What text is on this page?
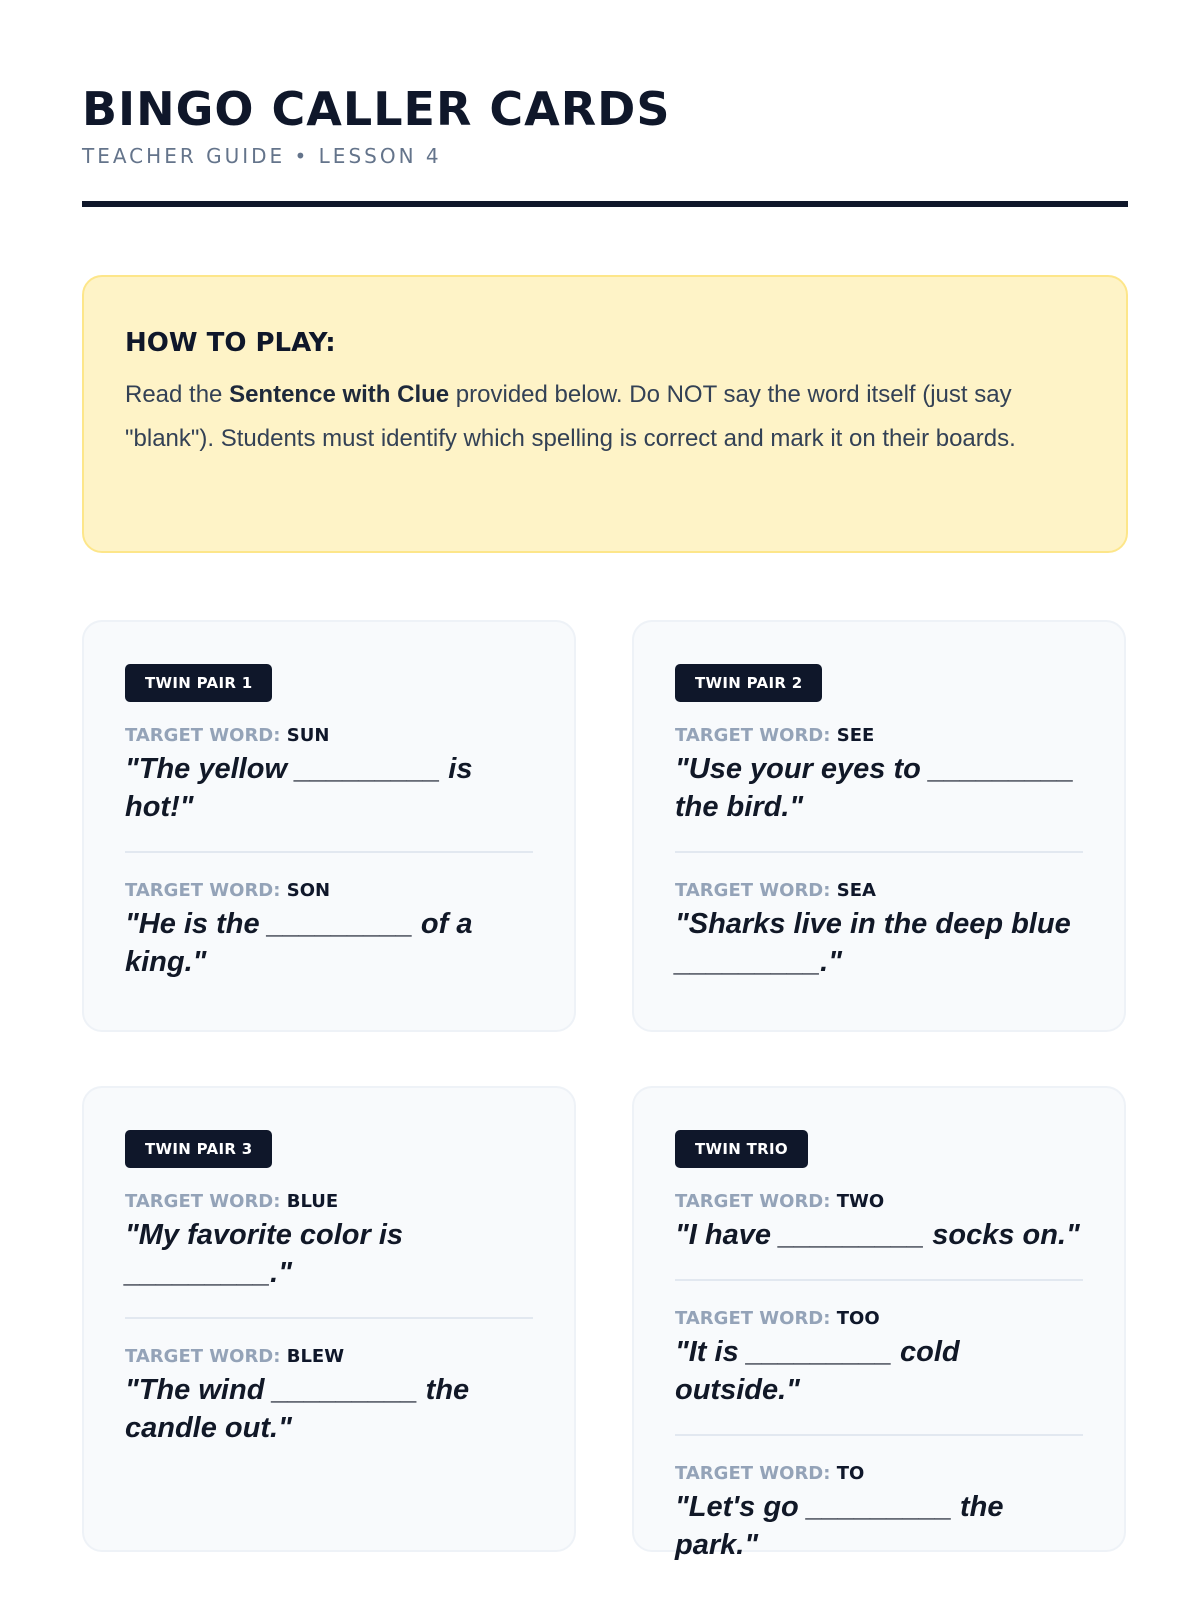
BINGO CALLER CARDS
TEACHER GUIDE • LESSON 4
HOW TO PLAY:

Read the Sentence with Clue provided below. Do NOT say the word itself (just say "blank"). Students must identify which spelling is correct and mark it on their boards.

TWIN PAIR 1
TARGET WORD: SUN
"The yellow _________ is hot!"
TARGET WORD: SON
"He is the _________ of a king."
TWIN PAIR 2
TARGET WORD: SEE
"Use your eyes to _________ the bird."
TARGET WORD: SEA
"Sharks live in the deep blue _________."
TWIN PAIR 3
TARGET WORD: BLUE
"My favorite color is _________."
TARGET WORD: BLEW
"The wind _________ the candle out."
TWIN TRIO
TARGET WORD: TWO
"I have _________ socks on."
TARGET WORD: TOO
"It is _________ cold outside."
TARGET WORD: TO
"Let's go _________ the park."
